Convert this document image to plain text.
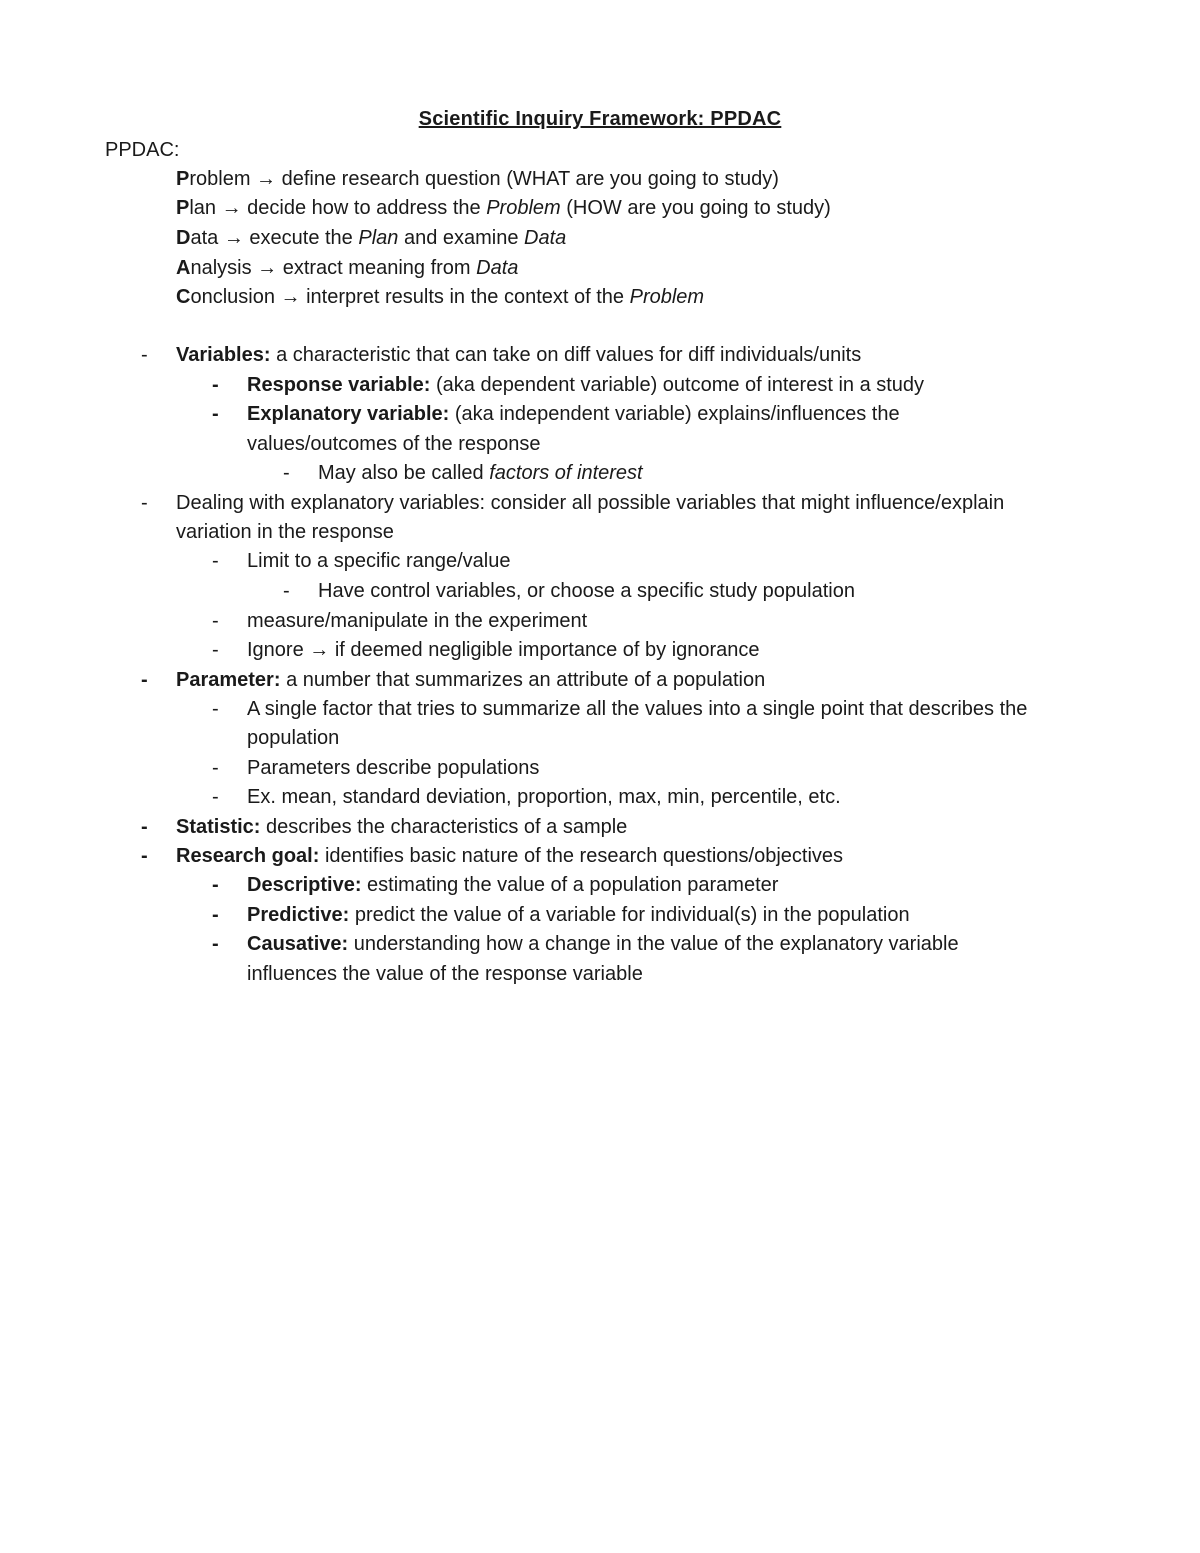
Scientific Inquiry Framework: PPDAC
PPDAC:
Problem → define research question (WHAT are you going to study)
Plan → decide how to address the Problem (HOW are you going to study)
Data → execute the Plan and examine Data
Analysis → extract meaning from Data
Conclusion → interpret results in the context of the Problem
- Variables: a characteristic that can take on diff values for diff individuals/units
- Response variable: (aka dependent variable) outcome of interest in a study
- Explanatory variable: (aka independent variable) explains/influences the
values/outcomes of the response
- May also be called factors of interest
- Dealing with explanatory variables: consider all possible variables that might influence/explain
variation in the response
- Limit to a specific range/value
- Have control variables, or choose a specific study population
- measure/manipulate in the experiment
- Ignore → if deemed negligible importance of by ignorance
- Parameter: a number that summarizes an attribute of a population
- A single factor that tries to summarize all the values into a single point that describes the
population
- Parameters describe populations
- Ex. mean, standard deviation, proportion, max, min, percentile, etc.
- Statistic: describes the characteristics of a sample
- Research goal: identifies basic nature of the research questions/objectives
- Descriptive: estimating the value of a population parameter
- Predictive: predict the value of a variable for individual(s) in the population
- Causative: understanding how a change in the value of the explanatory variable
influences the value of the response variable
